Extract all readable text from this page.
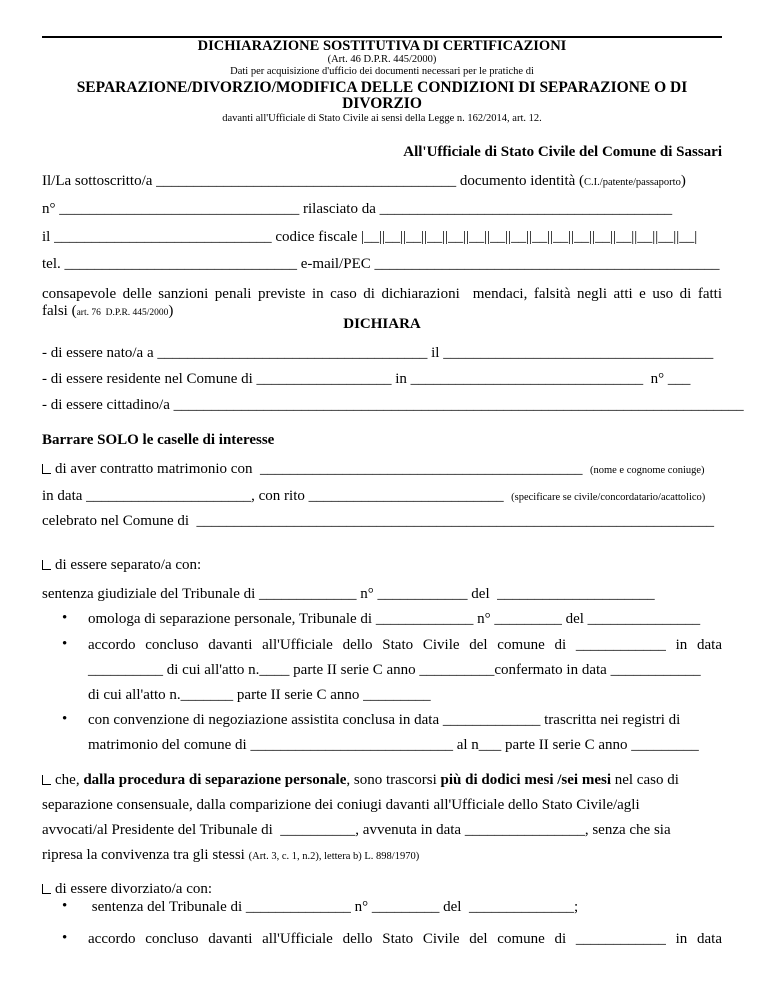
DICHIARAZIONE SOSTITUTIVA DI CERTIFICAZIONI
(Art. 46 D.P.R. 445/2000)
Dati per acquisizione d'ufficio dei documenti necessari per le pratiche di
SEPARAZIONE/DIVORZIO/MODIFICA DELLE CONDIZIONI DI SEPARAZIONE O DI
DIVORZIO
davanti all'Ufficiale di Stato Civile ai sensi della Legge n. 162/2014, art. 12.
All'Ufficiale di Stato Civile del Comune di Sassari
Il/La sottoscritto/a ________________________________________ documento identità (C.I./patente/passaporto)
n° ________________________________ rilasciato da _______________________________________
il _____________________________ codice fiscale |__||__||__||__||__||__||__||__||__||__||__||__||__||__||__||__|
tel. _______________________________ e-mail/PEC ______________________________________________
consapevole delle sanzioni penali previste in caso di dichiarazioni  mendaci, falsità negli atti e uso di fatti
falsi (art. 76  D.P.R. 445/2000)
DICHIARA
- di essere nato/a a ____________________________________ il ____________________________________
- di essere residente nel Comune di __________________ in _______________________________  n° ___
- di essere cittadino/a ____________________________________________________________________________
Barrare SOLO le caselle di interesse
di aver contratto matrimonio con  ___________________________________________ (nome e cognome coniuge)
in data ______________________, con rito __________________________ (specificare se civile/concordatario/acattolico)
celebrato nel Comune di  _____________________________________________________________________
di essere separato/a con:
sentenza giudiziale del Tribunale di _____________ n° ____________ del  _____________________
•	omologa di separazione personale, Tribunale di _____________ n° _________ del _______________
•	accordo concluso davanti all'Ufficiale dello Stato Civile del comune di ____________ in data
__________ di cui all'atto n.____ parte II serie C anno __________confermato in data ____________
di cui all'atto n._______ parte II serie C anno _________
•	con convenzione di negoziazione assistita conclusa in data _____________ trascritta nei registri di
matrimonio del comune di ___________________________ al n___ parte II serie C anno _________
che, dalla procedura di separazione personale, sono trascorsi più di dodici mesi /sei mesi nel caso di
separazione consensuale, dalla comparizione dei coniugi davanti all'Ufficiale dello Stato Civile/agli
avvocati/al Presidente del Tribunale di  __________, avvenuta in data ________________, senza che sia
ripresa la convivenza tra gli stessi (Art. 3, c. 1, n.2), lettera b) L. 898/1970)
di essere divorziato/a con:
•	sentenza del Tribunale di ______________ n° _________ del  ______________;
•	accordo concluso davanti all'Ufficiale dello Stato Civile del comune di ____________ in data
